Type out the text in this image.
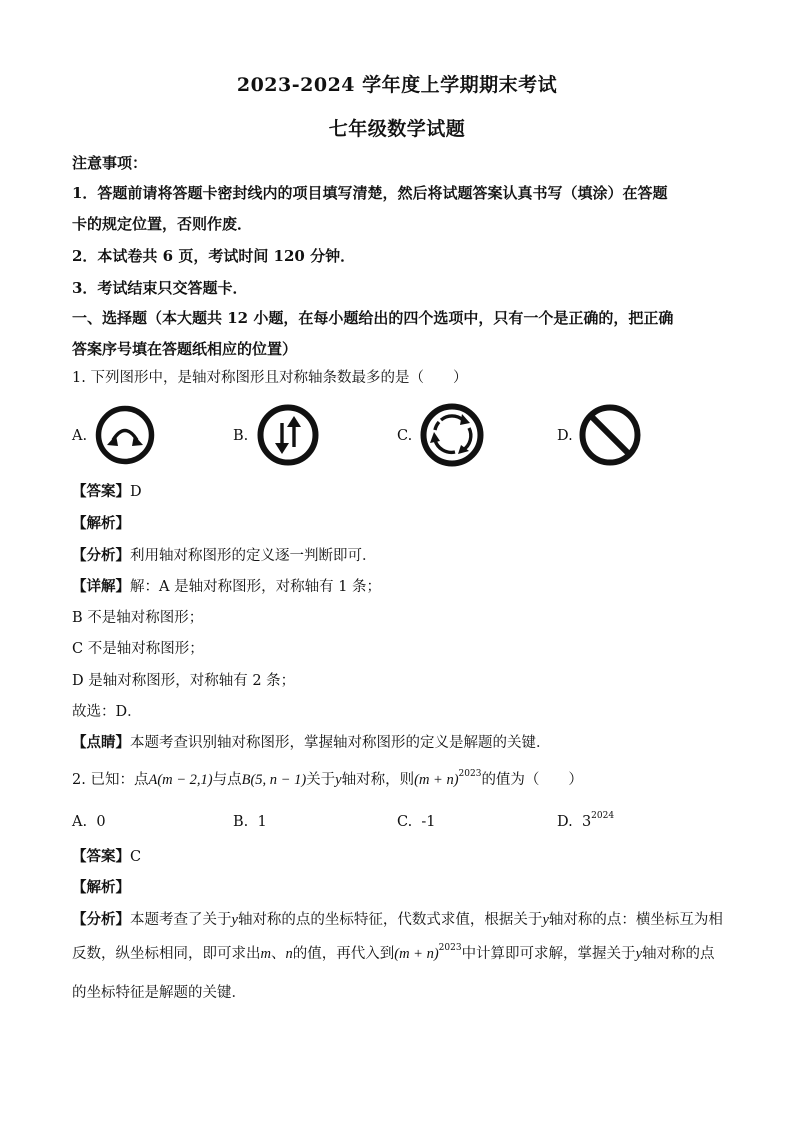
2023-2024 学年度上学期期末考试
七年级数学试题
注意事项：
1．答题前请将答题卡密封线内的项目填写清楚，然后将试题答案认真书写（填涂）在答题
卡的规定位置，否则作废．
2．本试卷共 6 页，考试时间 120 分钟．
3．考试结束只交答题卡．
一、选择题（本大题共 12 小题，在每小题给出的四个选项中，只有一个是正确的，把正确
答案序号填在答题纸相应的位置）
1. 下列图形中，是轴对称图形且对称轴条数最多的是（　　）
A.	B.	C.	D.
【答案】D
【解析】
【分析】利用轴对称图形的定义逐一判断即可．
【详解】解：A 是轴对称图形，对称轴有 1 条；
B 不是轴对称图形；
C 不是轴对称图形；
D 是轴对称图形，对称轴有 2 条；
故选：D．
【点睛】本题考查识别轴对称图形，掌握轴对称图形的定义是解题的关键．
2. 已知：点A(m − 2,1)与点B(5, n − 1)关于y轴对称，则$(m + n)^{2023}$的值为（　　）
A. 0	B. 1	C. -1	D. $3^{2024}$
【答案】C
【解析】
【分析】本题考查了关于y轴对称的点的坐标特征，代数式求值，根据关于y轴对称的点：横坐标互为相
反数，纵坐标相同，即可求出m、n的值，再代入到$(m + n)^{2023}$中计算即可求解，掌握关于y轴对称的点
的坐标特征是解题的关键．
